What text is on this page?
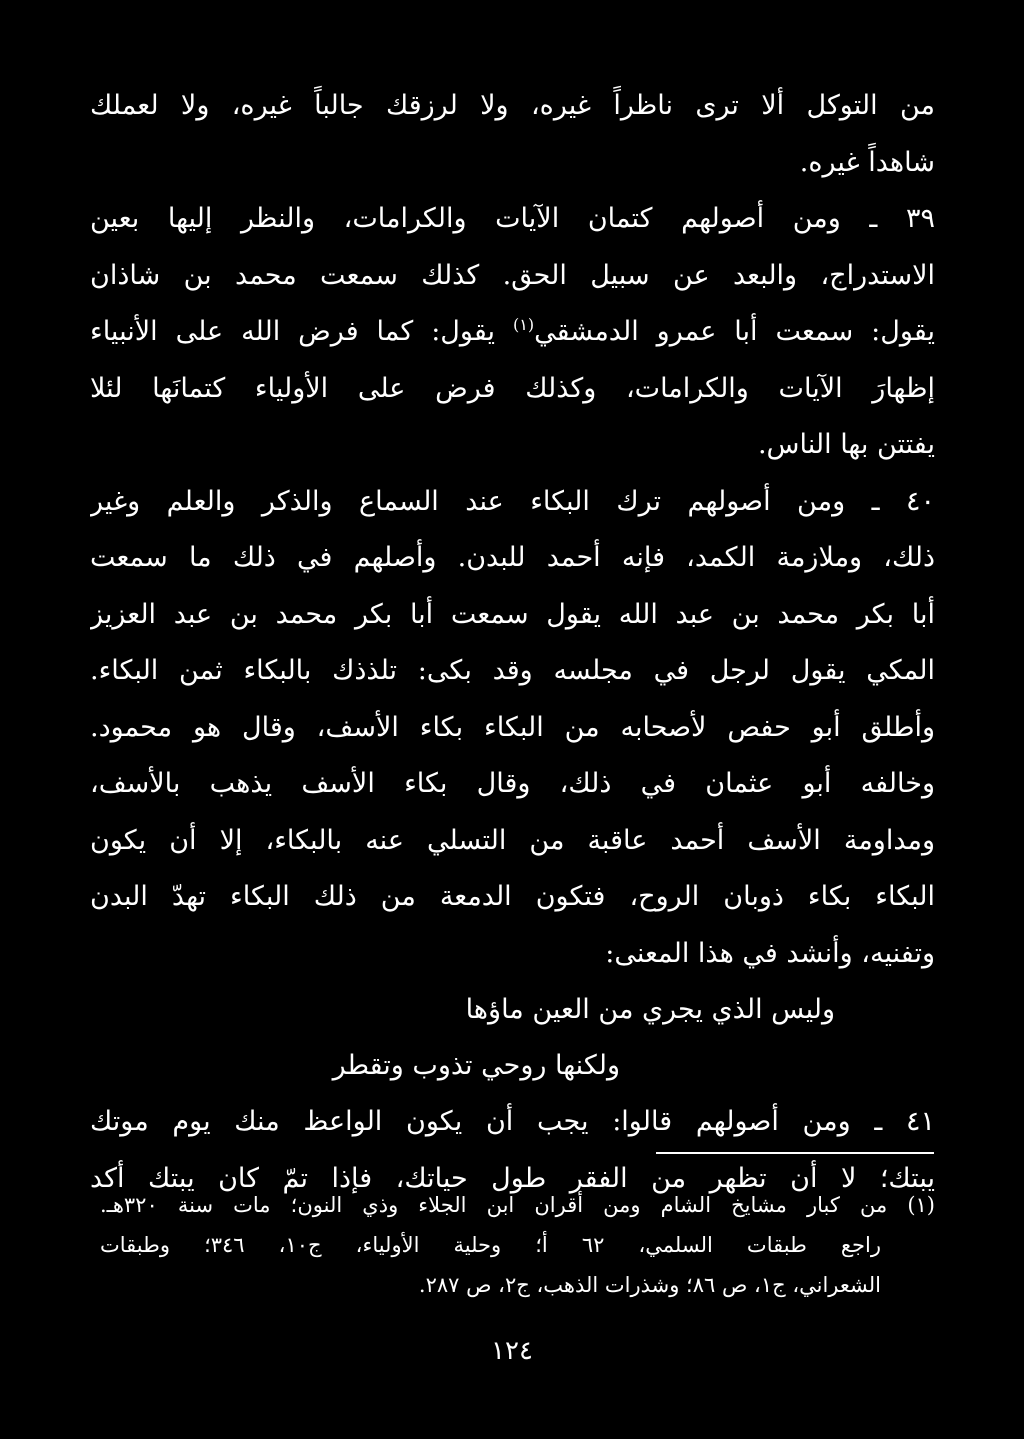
من التوكل ألا ترى ناظراً غيره، ولا لرزقك جالباً غيره، ولا لعملك
شاهداً غيره.
٣٩ ـ ومن أصولهم كتمان الآيات والكرامات، والنظر إليها بعين
الاستدراج، والبعد عن سبيل الحق. كذلك سمعت محمد بن شاذان
يقول: سمعت أبا عمرو الدمشقي$^{(١)}$ يقول: كما فرض الله على الأنبياء
إظهارَ الآيات والكرامات، وكذلك فرض على الأولياء كتمانَها لئلا
يفتتن بها الناس.
٤٠ ـ ومن أصولهم ترك البكاء عند السماع والذكر والعلم وغير
ذلك، وملازمة الكمد، فإنه أحمد للبدن. وأصلهم في ذلك ما سمعت
أبا بكر محمد بن عبد الله يقول سمعت أبا بكر محمد بن عبد العزيز
المكي يقول لرجل في مجلسه وقد بكى: تلذذك بالبكاء ثمن البكاء.
وأطلق أبو حفص لأصحابه من البكاء بكاء الأسف، وقال هو محمود.
وخالفه أبو عثمان في ذلك، وقال بكاء الأسف يذهب بالأسف،
ومداومة الأسف أحمد عاقبة من التسلي عنه بالبكاء، إلا أن يكون
البكاء بكاء ذوبان الروح، فتكون الدمعة من ذلك البكاء تهدّ البدن
وتفنيه، وأنشد في هذا المعنى:
وليس الذي يجري من العين ماؤها
ولكنها روحي تذوب وتقطر
٤١ ـ ومن أصولهم قالوا: يجب أن يكون الواعظ منك يوم موتك
يبتك؛ لا أن تظهر من الفقر طول حياتك، فإذا تمّ كان يبتك أكد
(١) من كبار مشايخ الشام ومن أقران ابن الجلاء وذي النون؛ مات سنة ٣٢٠هـ.
راجع طبقات السلمي، ٦٢ أ؛ وحلية الأولياء، ج١٠، ٣٤٦؛ وطبقات
الشعراني، ج١، ص ٨٦؛ وشذرات الذهب، ج٢، ص ٢٨٧.
١٢٤
